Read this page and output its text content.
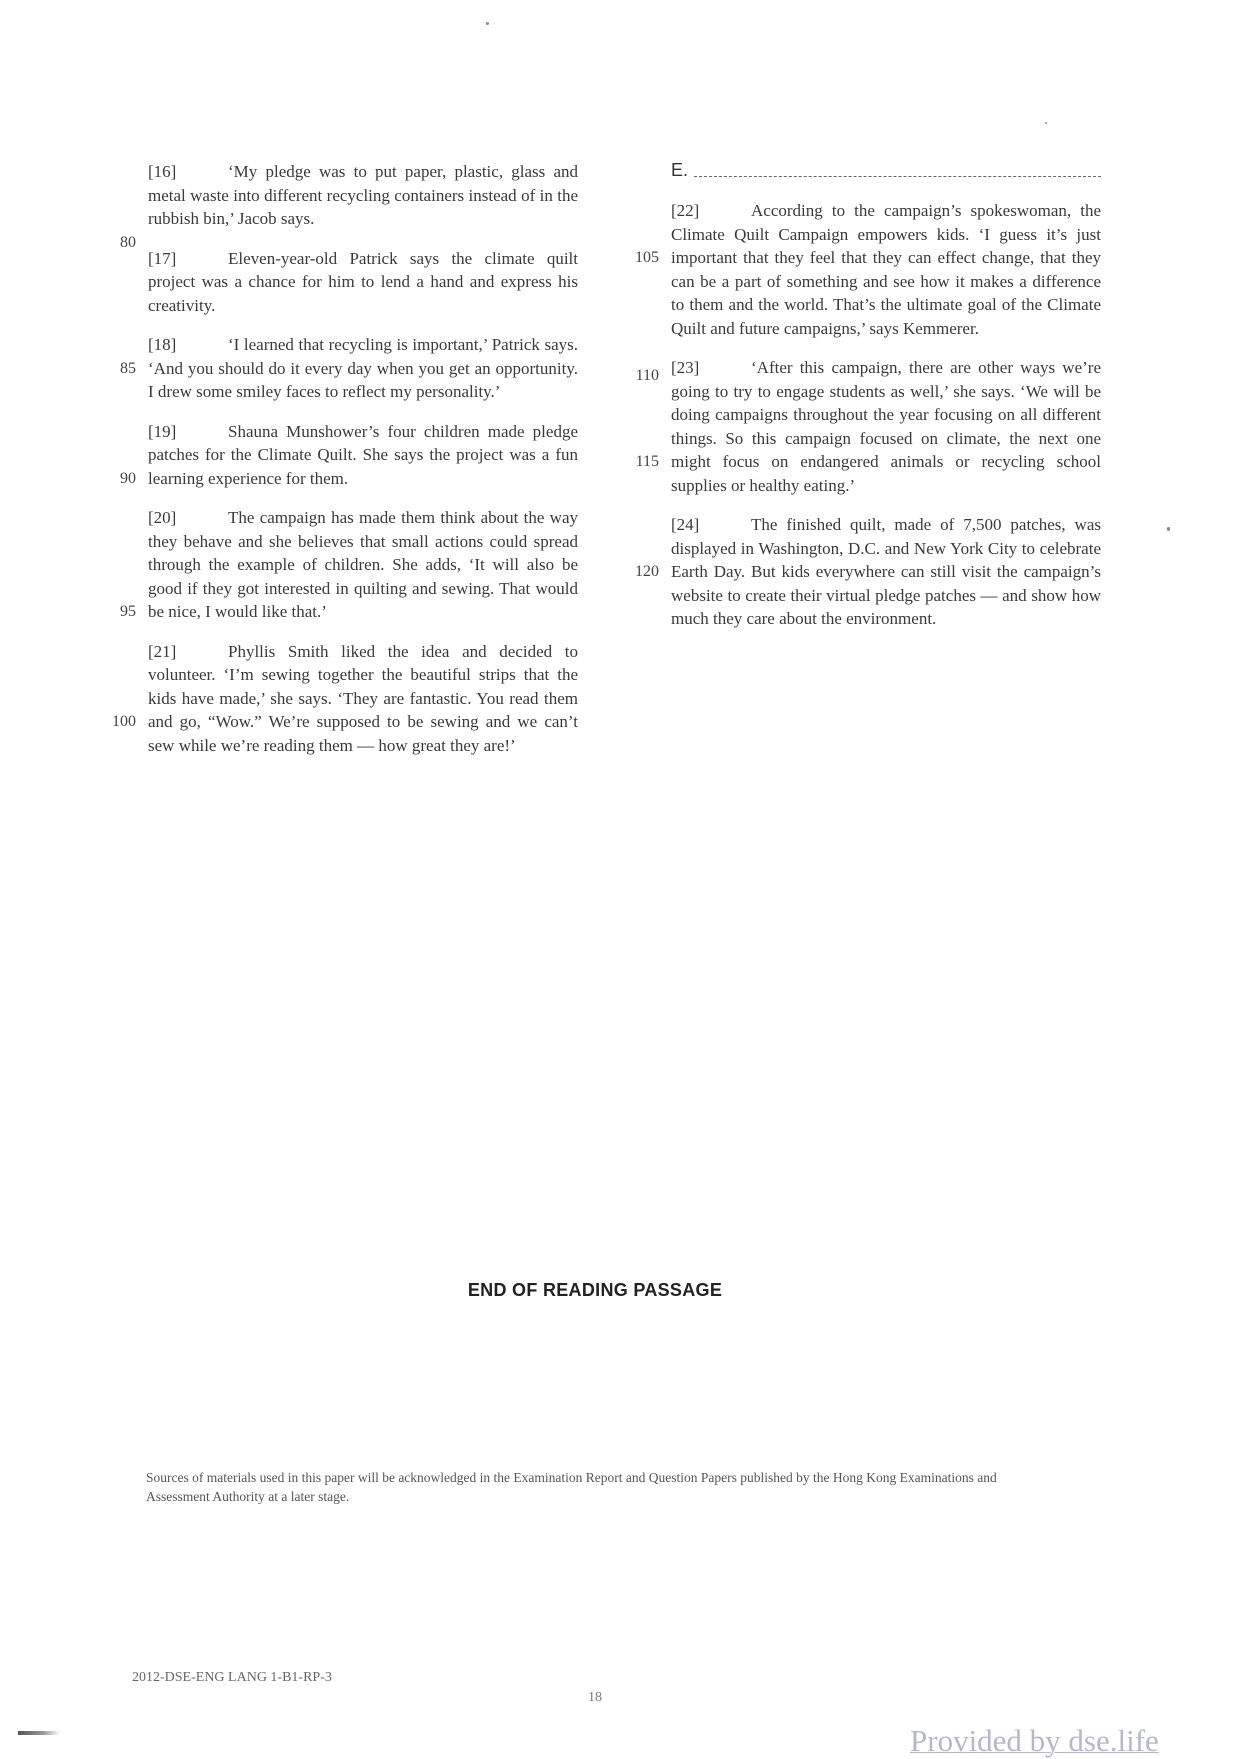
[16]	‘My pledge was to put paper, plastic, glass and metal waste into different recycling containers instead of in the rubbish bin,’ Jacob says.
80
[17]	Eleven-year-old Patrick says the climate quilt project was a chance for him to lend a hand and express his creativity.
[18]	‘I learned that recycling is important,’ Patrick says. ‘And you should do it every day when you get an opportunity. I drew some smiley faces to reflect my personality.’
85
[19]	Shauna Munshower’s four children made pledge patches for the Climate Quilt. She says the project was a fun learning experience for them.
90
[20]	The campaign has made them think about the way they behave and she believes that small actions could spread through the example of children. She adds, ‘It will also be good if they got interested in quilting and sewing. That would be nice, I would like that.’
95
[21]	Phyllis Smith liked the idea and decided to volunteer. ‘I’m sewing together the beautiful strips that the kids have made,’ she says. ‘They are fantastic. You read them and go, “Wow.” We’re supposed to be sewing and we can’t sew while we’re reading them — how great they are!’
100
E.
[22]	According to the campaign’s spokeswoman, the Climate Quilt Campaign empowers kids. ‘I guess it’s just important that they feel that they can effect change, that they can be a part of something and see how it makes a difference to them and the world. That’s the ultimate goal of the Climate Quilt and future campaigns,’ says Kemmerer.
105
110 [23]	‘After this campaign, there are other ways we’re going to try to engage students as well,’ she says. ‘We will be doing campaigns throughout the year focusing on all different things. So this campaign focused on climate, the next one might focus on endangered animals or recycling school supplies or healthy eating.’
115
[24]	The finished quilt, made of 7,500 patches, was displayed in Washington, D.C. and New York City to celebrate Earth Day. But kids everywhere can still visit the campaign’s website to create their virtual pledge patches — and show how much they care about the environment.
120
END OF READING PASSAGE
Sources of materials used in this paper will be acknowledged in the Examination Report and Question Papers published by the Hong Kong Examinations and Assessment Authority at a later stage.
2012-DSE-ENG LANG 1-B1-RP-3
18
Provided by dse.life
